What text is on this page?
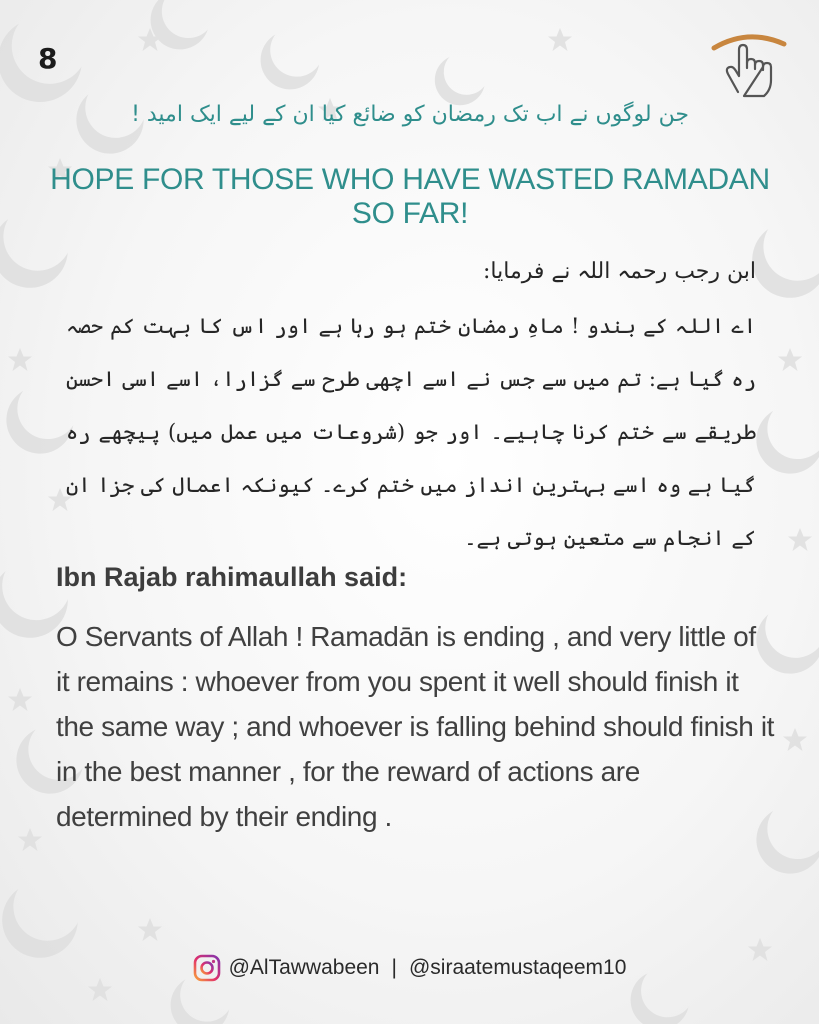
8
جن لوگوں نے اب تک رمضان کو ضائع کیا ان کے لیے ایک امید !
HOPE FOR THOSE WHO HAVE WASTED RAMADAN SO FAR!

ابن رجب رحمہ اللہ نے فرمایا:

اے اللہ کے بندو ! ماہِ رمضان ختم ہو رہا ہے اور اس کا بہت کم حصہ رہ گیا ہے: تم میں سے جس نے اسے اچھی طرح سے گزارا، اسے اسی احسن طریقے سے ختم کرنا چاہیے۔ اور جو (شروعات میں عمل میں) پیچھے رہ گیا ہے وہ اسے بہترین انداز میں ختم کرے۔ کیونکہ اعمال کی جزا ان کے انجام سے متعین ہوتی ہے۔

Ibn Rajab rahimaullah said:
O Servants of Allah ! Ramadān is ending , and very little of it remains : whoever from you spent it well should finish it the same way ; and whoever is falling behind should finish it in the best manner , for the reward of actions are determined by their ending .
@AlTawwabeen | @siraatemustaqeem10
